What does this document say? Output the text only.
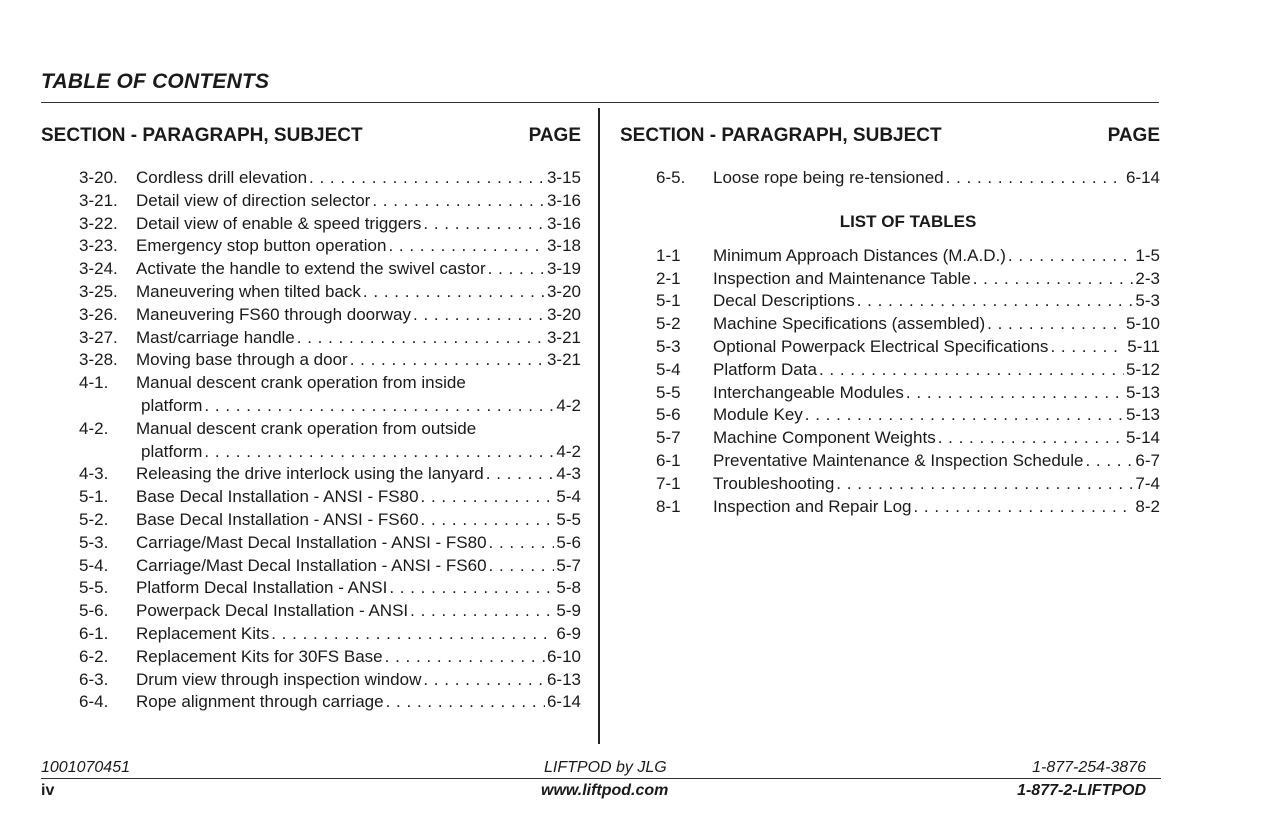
TABLE OF CONTENTS
SECTION - PARAGRAPH, SUBJECT	PAGE
3-20.	Cordless drill elevation . . .	3-15
3-21.	Detail view of direction selector . . .	3-16
3-22.	Detail view of enable & speed triggers . . .	3-16
3-23.	Emergency stop button operation . . .	3-18
3-24.	Activate the handle to extend the swivel castor . . .	3-19
3-25.	Maneuvering when tilted back . . .	3-20
3-26.	Maneuvering FS60 through doorway . . .	3-20
3-27.	Mast/carriage handle . . .	3-21
3-28.	Moving base through a door . . .	3-21
4-1.	Manual descent crank operation from inside
platform . . .	4-2
4-2.	Manual descent crank operation from outside
platform . . .	4-2
4-3.	Releasing the drive interlock using the lanyard . . .	4-3
5-1.	Base Decal Installation - ANSI - FS80 . . .	5-4
5-2.	Base Decal Installation - ANSI - FS60 . . .	5-5
5-3.	Carriage/Mast Decal Installation - ANSI - FS80 . . .	5-6
5-4.	Carriage/Mast Decal Installation - ANSI - FS60 . . .	5-7
5-5.	Platform Decal Installation - ANSI . . .	5-8
5-6.	Powerpack Decal Installation - ANSI . . .	5-9
6-1.	Replacement Kits . . .	6-9
6-2.	Replacement Kits for 30FS Base . . .	6-10
6-3.	Drum view through inspection window . . .	6-13
6-4.	Rope alignment through carriage . . .	6-14
SECTION - PARAGRAPH, SUBJECT	PAGE
6-5.	Loose rope being re-tensioned . . .	6-14
LIST OF TABLES
1-1	Minimum Approach Distances (M.A.D.) . . .	1-5
2-1	Inspection and Maintenance Table . . .	2-3
5-1	Decal Descriptions . . .	5-3
5-2	Machine Specifications (assembled) . . .	5-10
5-3	Optional Powerpack Electrical Specifications . . .	5-11
5-4	Platform Data . . .	5-12
5-5	Interchangeable Modules . . .	5-13
5-6	Module Key . . .	5-13
5-7	Machine Component Weights . . .	5-14
6-1	Preventative Maintenance & Inspection Schedule . . .	6-7
7-1	Troubleshooting . . .	7-4
8-1	Inspection and Repair Log . . .	8-2
1001070451	LIFTPOD by JLG	1-877-254-3876
iv	www.liftpod.com	1-877-2-LIFTPOD
